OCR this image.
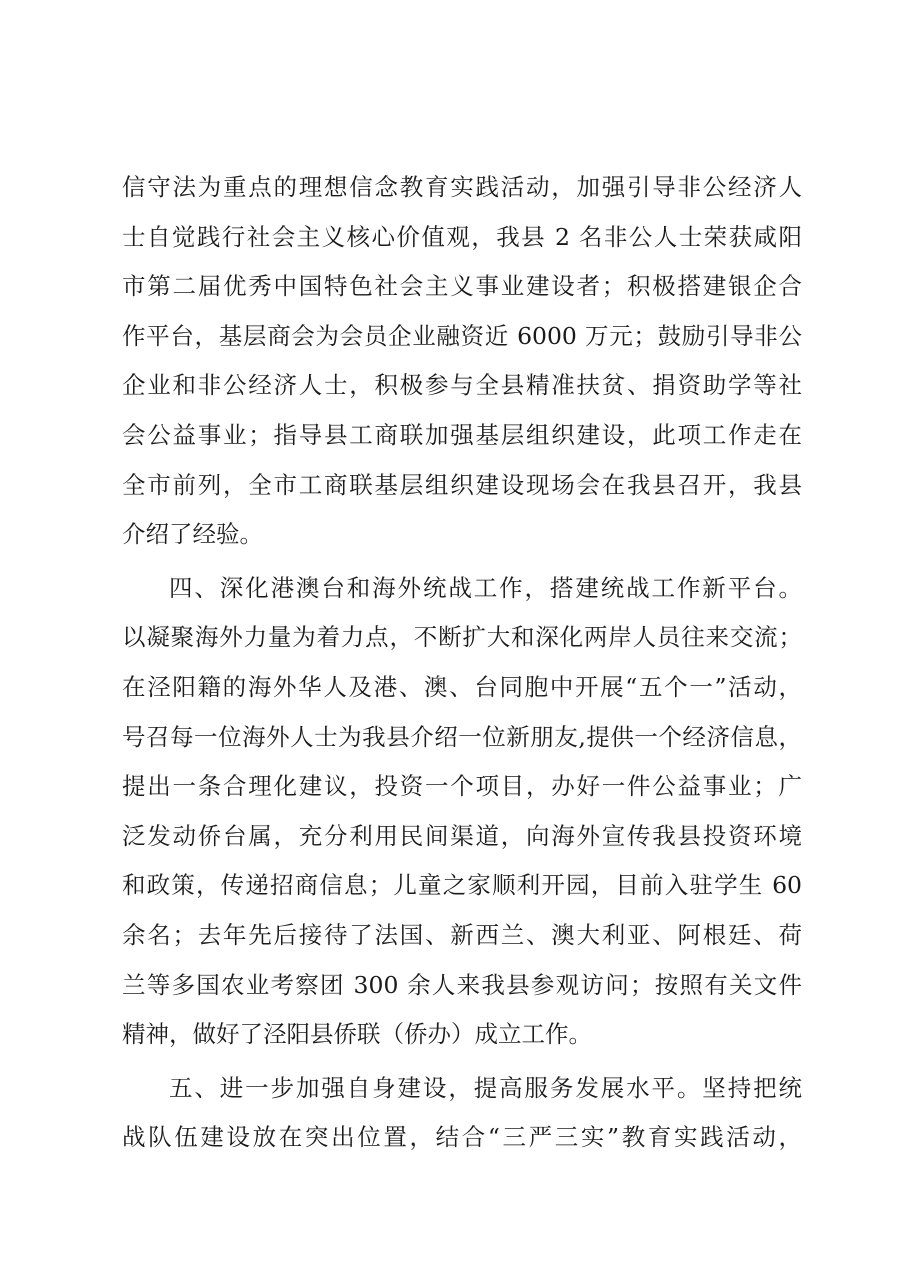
信守法为重点的理想信念教育实践活动，加强引导非公经济人
士自觉践行社会主义核心价值观，我县 2 名非公人士荣获咸阳
市第二届优秀中国特色社会主义事业建设者；积极搭建银企合
作平台，基层商会为会员企业融资近 6000 万元；鼓励引导非公
企业和非公经济人士，积极参与全县精准扶贫、捐资助学等社
会公益事业；指导县工商联加强基层组织建设，此项工作走在
全市前列，全市工商联基层组织建设现场会在我县召开，我县
介绍了经验。
四、深化港澳台和海外统战工作，搭建统战工作新平台。
以凝聚海外力量为着力点，不断扩大和深化两岸人员往来交流；
在泾阳籍的海外华人及港、澳、台同胞中开展“五个一”活动，
号召每一位海外人士为我县介绍一位新朋友,提供一个经济信息，
提出一条合理化建议，投资一个项目，办好一件公益事业；广
泛发动侨台属，充分利用民间渠道，向海外宣传我县投资环境
和政策，传递招商信息；儿童之家顺利开园，目前入驻学生 60
余名；去年先后接待了法国、新西兰、澳大利亚、阿根廷、荷
兰等多国农业考察团 300 余人来我县参观访问；按照有关文件
精神，做好了泾阳县侨联（侨办）成立工作。
五、进一步加强自身建设，提高服务发展水平。坚持把统
战队伍建设放在突出位置，结合“三严三实”教育实践活动，
